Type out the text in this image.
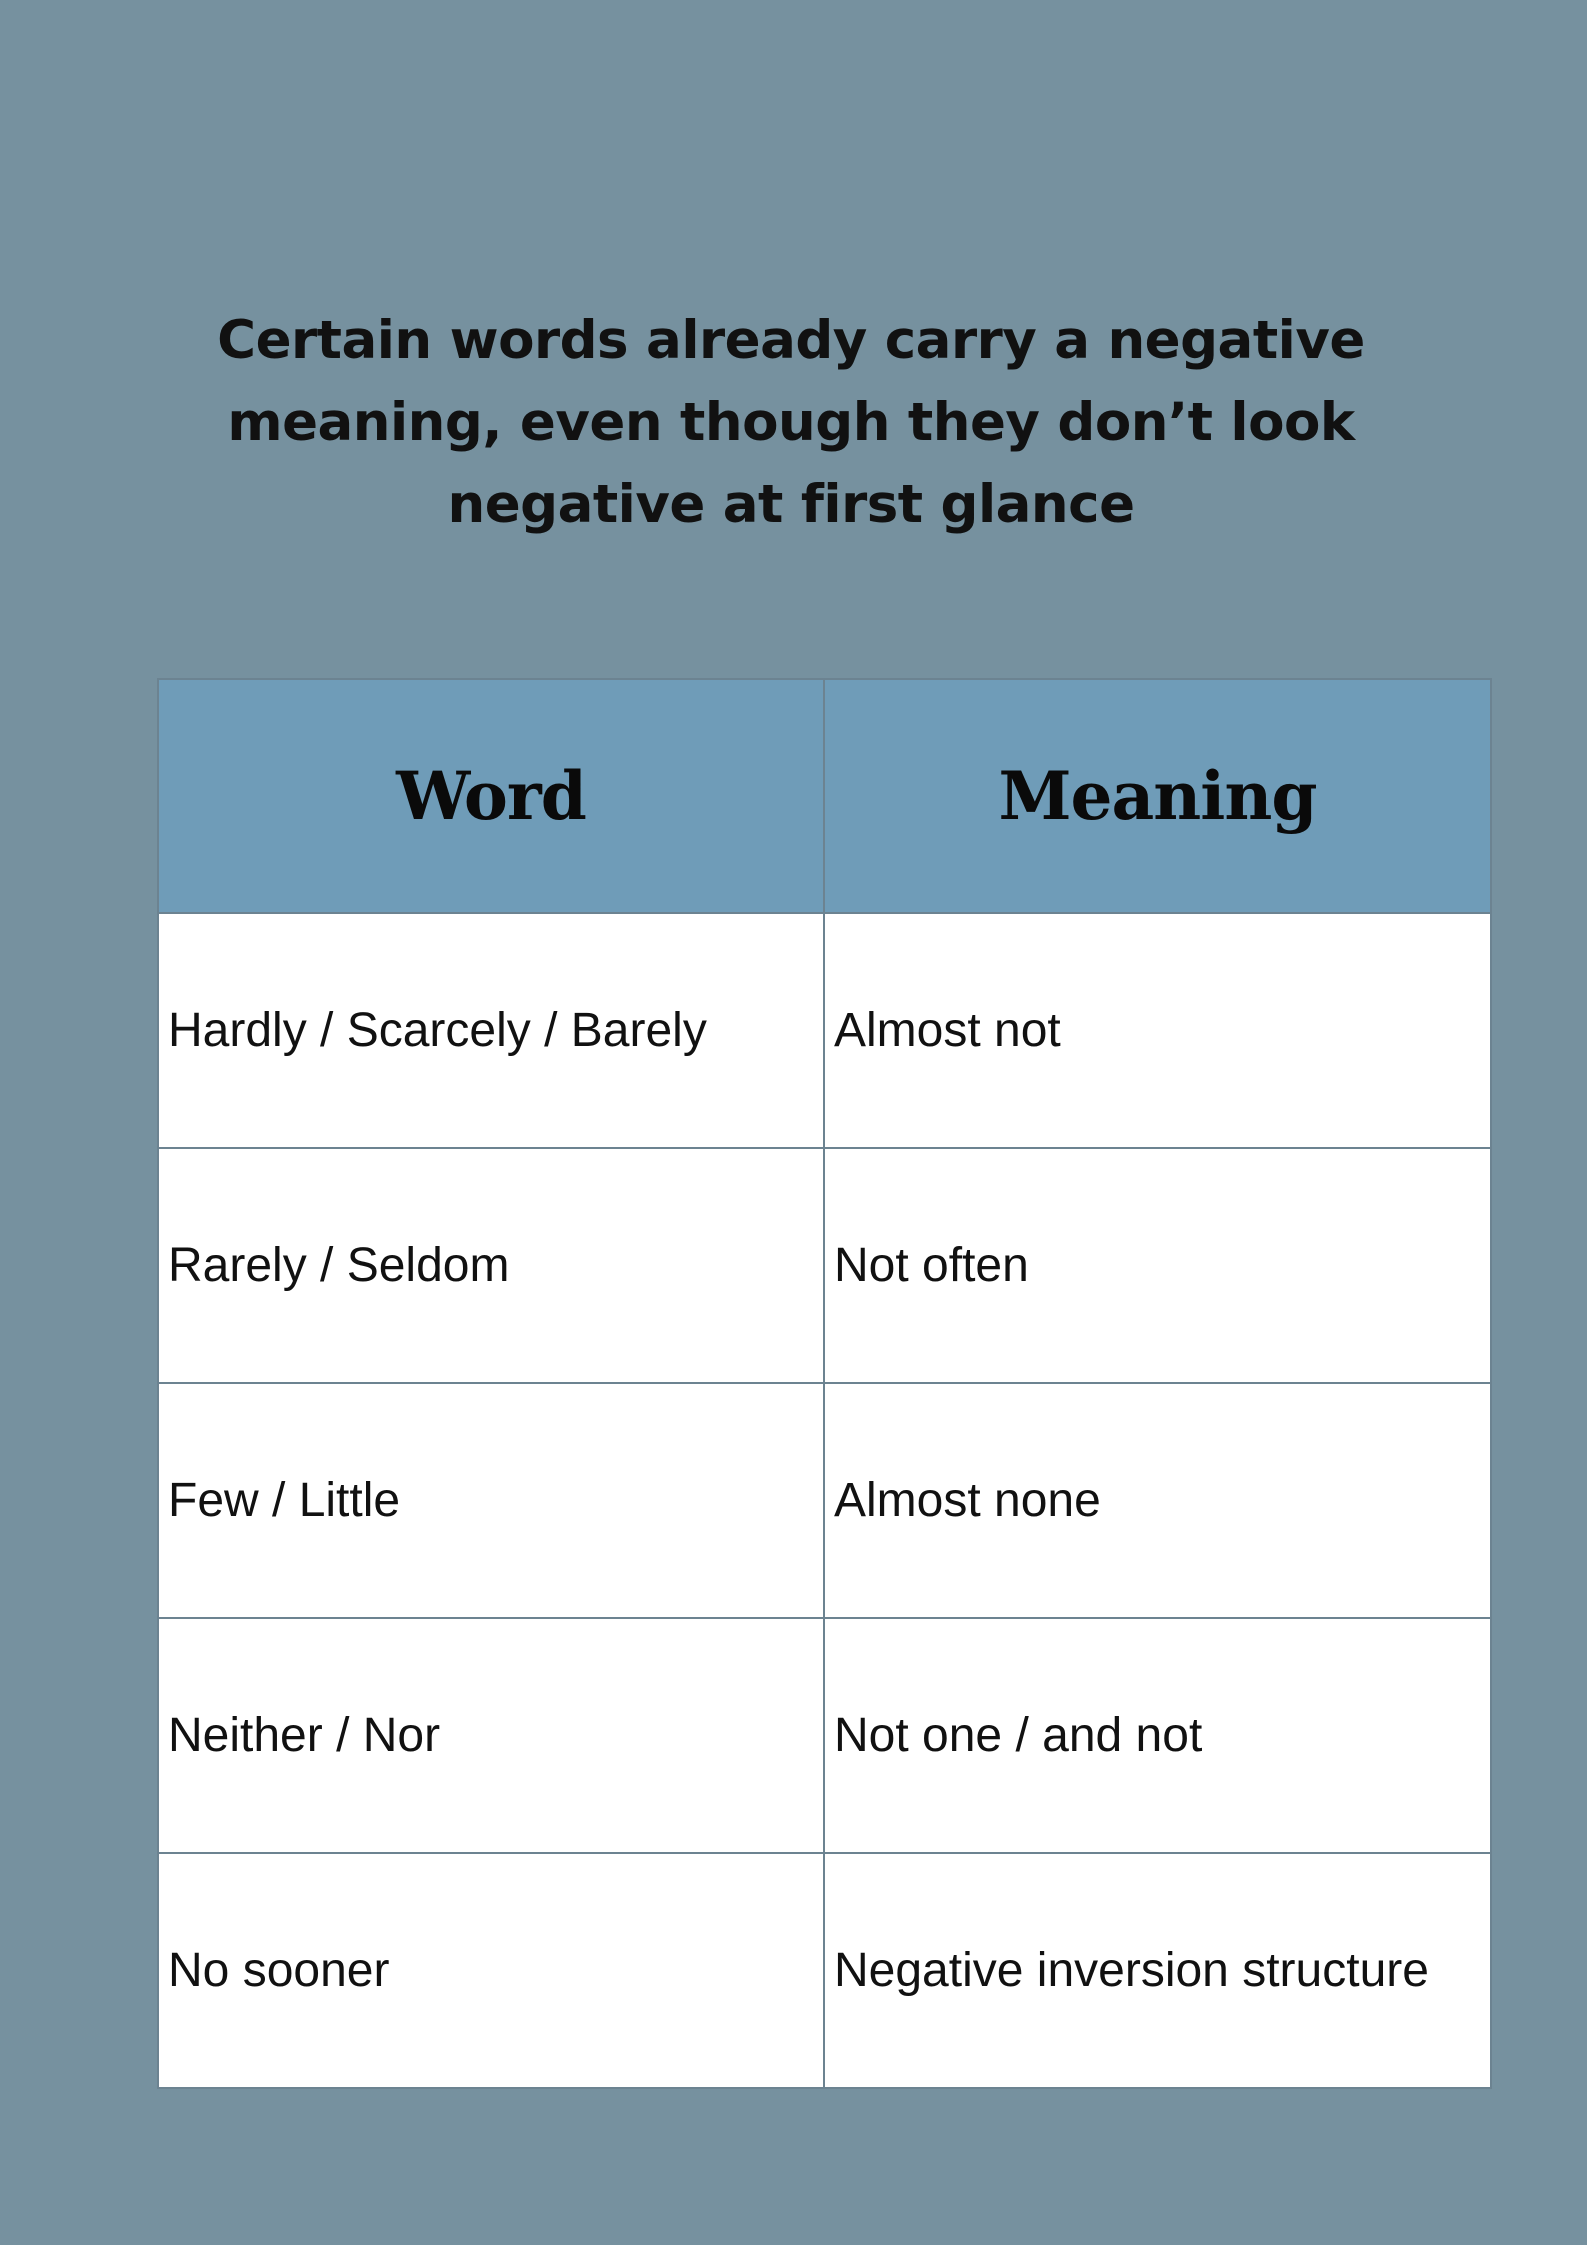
Certain words already carry a negative
meaning, even though they don’t look
negative at first glance
Word	Meaning
Hardly / Scarcely / Barely	Almost not
Rarely / Seldom	Not often
Few / Little	Almost none
Neither / Nor	Not one / and not
No sooner	Negative inversion structure
